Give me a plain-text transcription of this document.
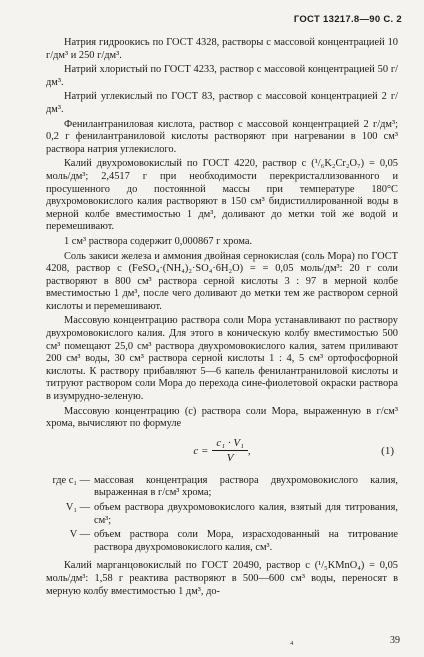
ГОСТ 13217.8—90 С. 2

Натрия гидроокись по ГОСТ 4328, растворы с массовой концентрацией 10 г/дм³ и 250 г/дм³.

Натрий хлористый по ГОСТ 4233, раствор с массовой концентрацией 50 г/дм³.

Натрий углекислый по ГОСТ 83, раствор с массовой концентрацией 2 г/дм³.

Фенилантраниловая кислота, раствор с массовой концентрацией 2 г/дм³; 0,2 г фенилантраниловой кислоты растворяют при нагревании в 100 см³ раствора натрия углекислого.

Калий двухромовокислый по ГОСТ 4220, раствор c (¹/₆K₂Cr₂O₇) = 0,05 моль/дм³; 2,4517 г при необходимости перекристаллизованного и просушенного до постоянной массы при температуре 180°С двухромовокислого калия растворяют в 150 см³ бидистиллированной воды в мерной колбе вместимостью 1 дм³, доливают до метки той же водой и перемешивают.

1 см³ раствора содержит 0,000867 г хрома.

Соль закиси железа и аммония двойная сернокислая (соль Мора) по ГОСТ 4208, раствор c (FeSO₄·(NH₄)₂·SO₄·6H₂O) = = 0,05 моль/дм³: 20 г соли растворяют в 800 см³ раствора серной кислоты 3 : 97 в мерной колбе вместимостью 1 дм³, после чего доливают до метки тем же раствором серной кислоты и перемешивают.

Массовую концентрацию раствора соли Мора устанавливают по раствору двухромовокислого калия. Для этого в коническую колбу вместимостью 500 см³ помещают 25,0 см³ раствора двухромовокислого калия, затем приливают 200 см³ воды, 30 см³ раствора серной кислоты 1 : 4, 5 см³ ортофосфорной кислоты. К раствору прибавляют 5—6 капель фенилантраниловой кислоты и титруют раствором соли Мора до перехода сине-фиолетовой окраски раствора в изумрудно-зеленую.

Массовую концентрацию (c) раствора соли Мора, выраженную в г/см³ хрома, вычисляют по формуле

$c = \frac{\text{c₁ · V₁}}{V}$ ,	(1)
где c₁ — массовая концентрация раствора двухромовокислого калия, выраженная в г/см³ хрома;
V₁ — объем раствора двухромовокислого калия, взятый для титрования, см³;
V — объем раствора соли Мора, израсходованный на титрование раствора двухромовокислого калия, см³.

Калий марганцовокислый по ГОСТ 20490, раствор c (¹/₅KMnO₄) = 0,05 моль/дм³: 1,58 г реактива растворяют в 500—600 см³ воды, переносят в мерную колбу вместимостью 1 дм³, до-

₄	39
